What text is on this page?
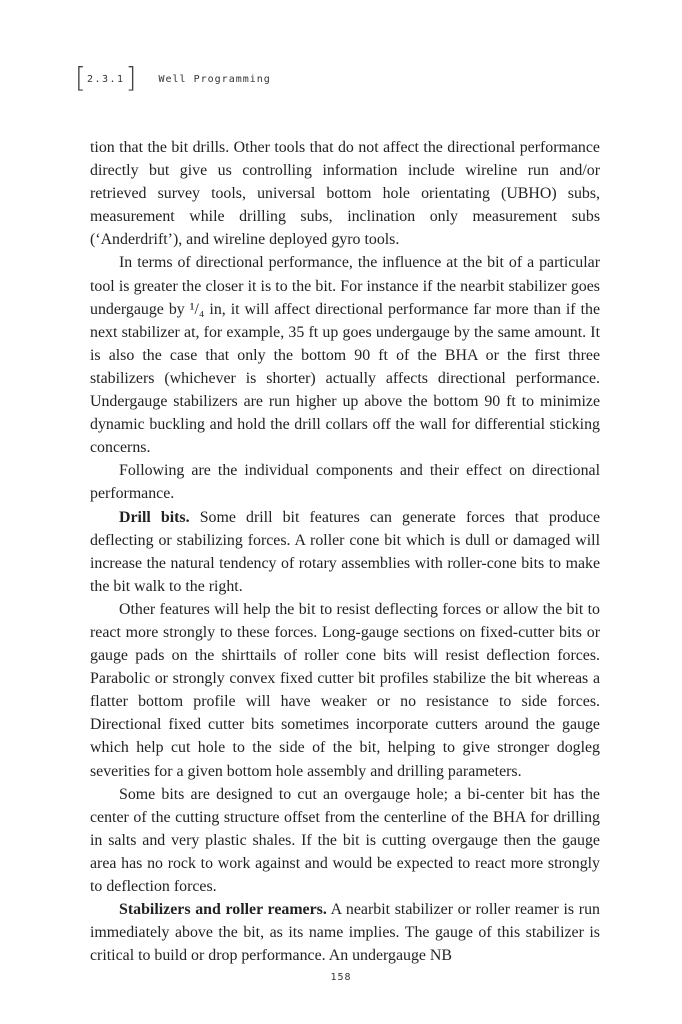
[ 2.3.1 ] Well Programming

tion that the bit drills. Other tools that do not affect the directional performance directly but give us controlling information include wireline run and/or retrieved survey tools, universal bottom hole orientating (UBHO) subs, measurement while drilling subs, inclination only measurement subs (‘Anderdrift’), and wireline deployed gyro tools.

In terms of directional performance, the influence at the bit of a particular tool is greater the closer it is to the bit. For instance if the nearbit stabilizer goes undergauge by ¹/₄ in, it will affect directional performance far more than if the next stabilizer at, for example, 35 ft up goes undergauge by the same amount. It is also the case that only the bottom 90 ft of the BHA or the first three stabilizers (whichever is shorter) actually affects directional performance. Undergauge stabilizers are run higher up above the bottom 90 ft to minimize dynamic buckling and hold the drill collars off the wall for differential sticking concerns.

Following are the individual components and their effect on directional performance.

Drill bits. Some drill bit features can generate forces that produce deflecting or stabilizing forces. A roller cone bit which is dull or damaged will increase the natural tendency of rotary assemblies with roller-cone bits to make the bit walk to the right.

Other features will help the bit to resist deflecting forces or allow the bit to react more strongly to these forces. Long-gauge sections on fixed-cutter bits or gauge pads on the shirttails of roller cone bits will resist deflection forces. Parabolic or strongly convex fixed cutter bit profiles stabilize the bit whereas a flatter bottom profile will have weaker or no resistance to side forces. Directional fixed cutter bits sometimes incorporate cutters around the gauge which help cut hole to the side of the bit, helping to give stronger dogleg severities for a given bottom hole assembly and drilling parameters.

Some bits are designed to cut an overgauge hole; a bi-center bit has the center of the cutting structure offset from the centerline of the BHA for drilling in salts and very plastic shales. If the bit is cutting overgauge then the gauge area has no rock to work against and would be expected to react more strongly to deflection forces.

Stabilizers and roller reamers. A nearbit stabilizer or roller reamer is run immediately above the bit, as its name implies. The gauge of this stabilizer is critical to build or drop performance. An undergauge NB

158
